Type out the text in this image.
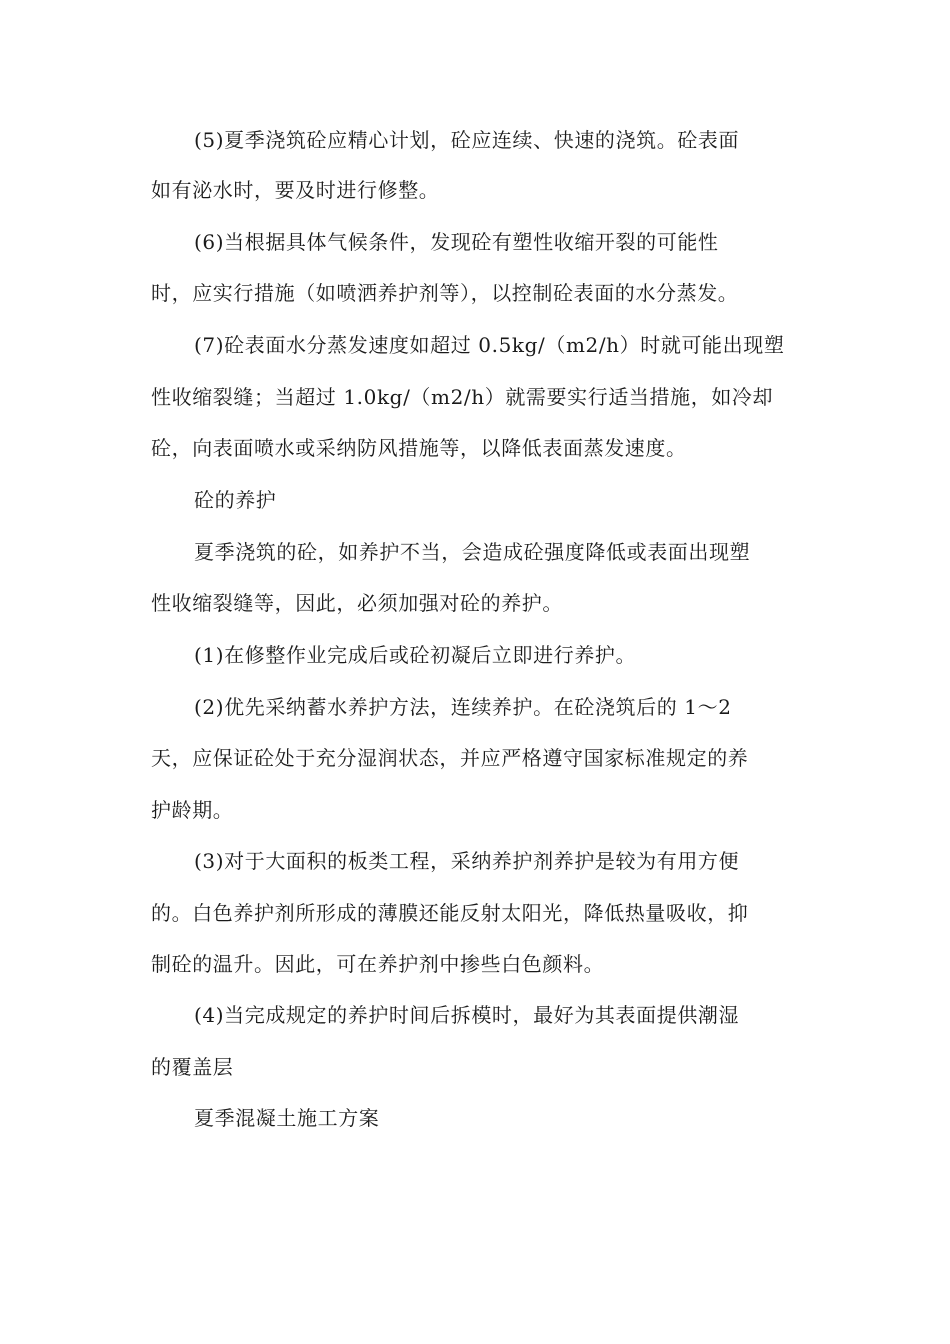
(5)夏季浇筑砼应精心计划，砼应连续、快速的浇筑。砼表面
如有泌水时，要及时进行修整。
(6)当根据具体气候条件，发现砼有塑性收缩开裂的可能性
时，应实行措施（如喷洒养护剂等），以控制砼表面的水分蒸发。
(7)砼表面水分蒸发速度如超过 0.5kg/（m2/h）时就可能出现塑
性收缩裂缝；当超过 1.0kg/（m2/h）就需要实行适当措施，如冷却
砼，向表面喷水或采纳防风措施等，以降低表面蒸发速度。
砼的养护
夏季浇筑的砼，如养护不当，会造成砼强度降低或表面出现塑
性收缩裂缝等，因此，必须加强对砼的养护。
(1)在修整作业完成后或砼初凝后立即进行养护。
(2)优先采纳蓄水养护方法，连续养护。在砼浇筑后的 1～2
天，应保证砼处于充分湿润状态，并应严格遵守国家标准规定的养
护龄期。
(3)对于大面积的板类工程，采纳养护剂养护是较为有用方便
的。白色养护剂所形成的薄膜还能反射太阳光，降低热量吸收，抑
制砼的温升。因此，可在养护剂中掺些白色颜料。
(4)当完成规定的养护时间后拆模时，最好为其表面提供潮湿
的覆盖层
夏季混凝土施工方案
